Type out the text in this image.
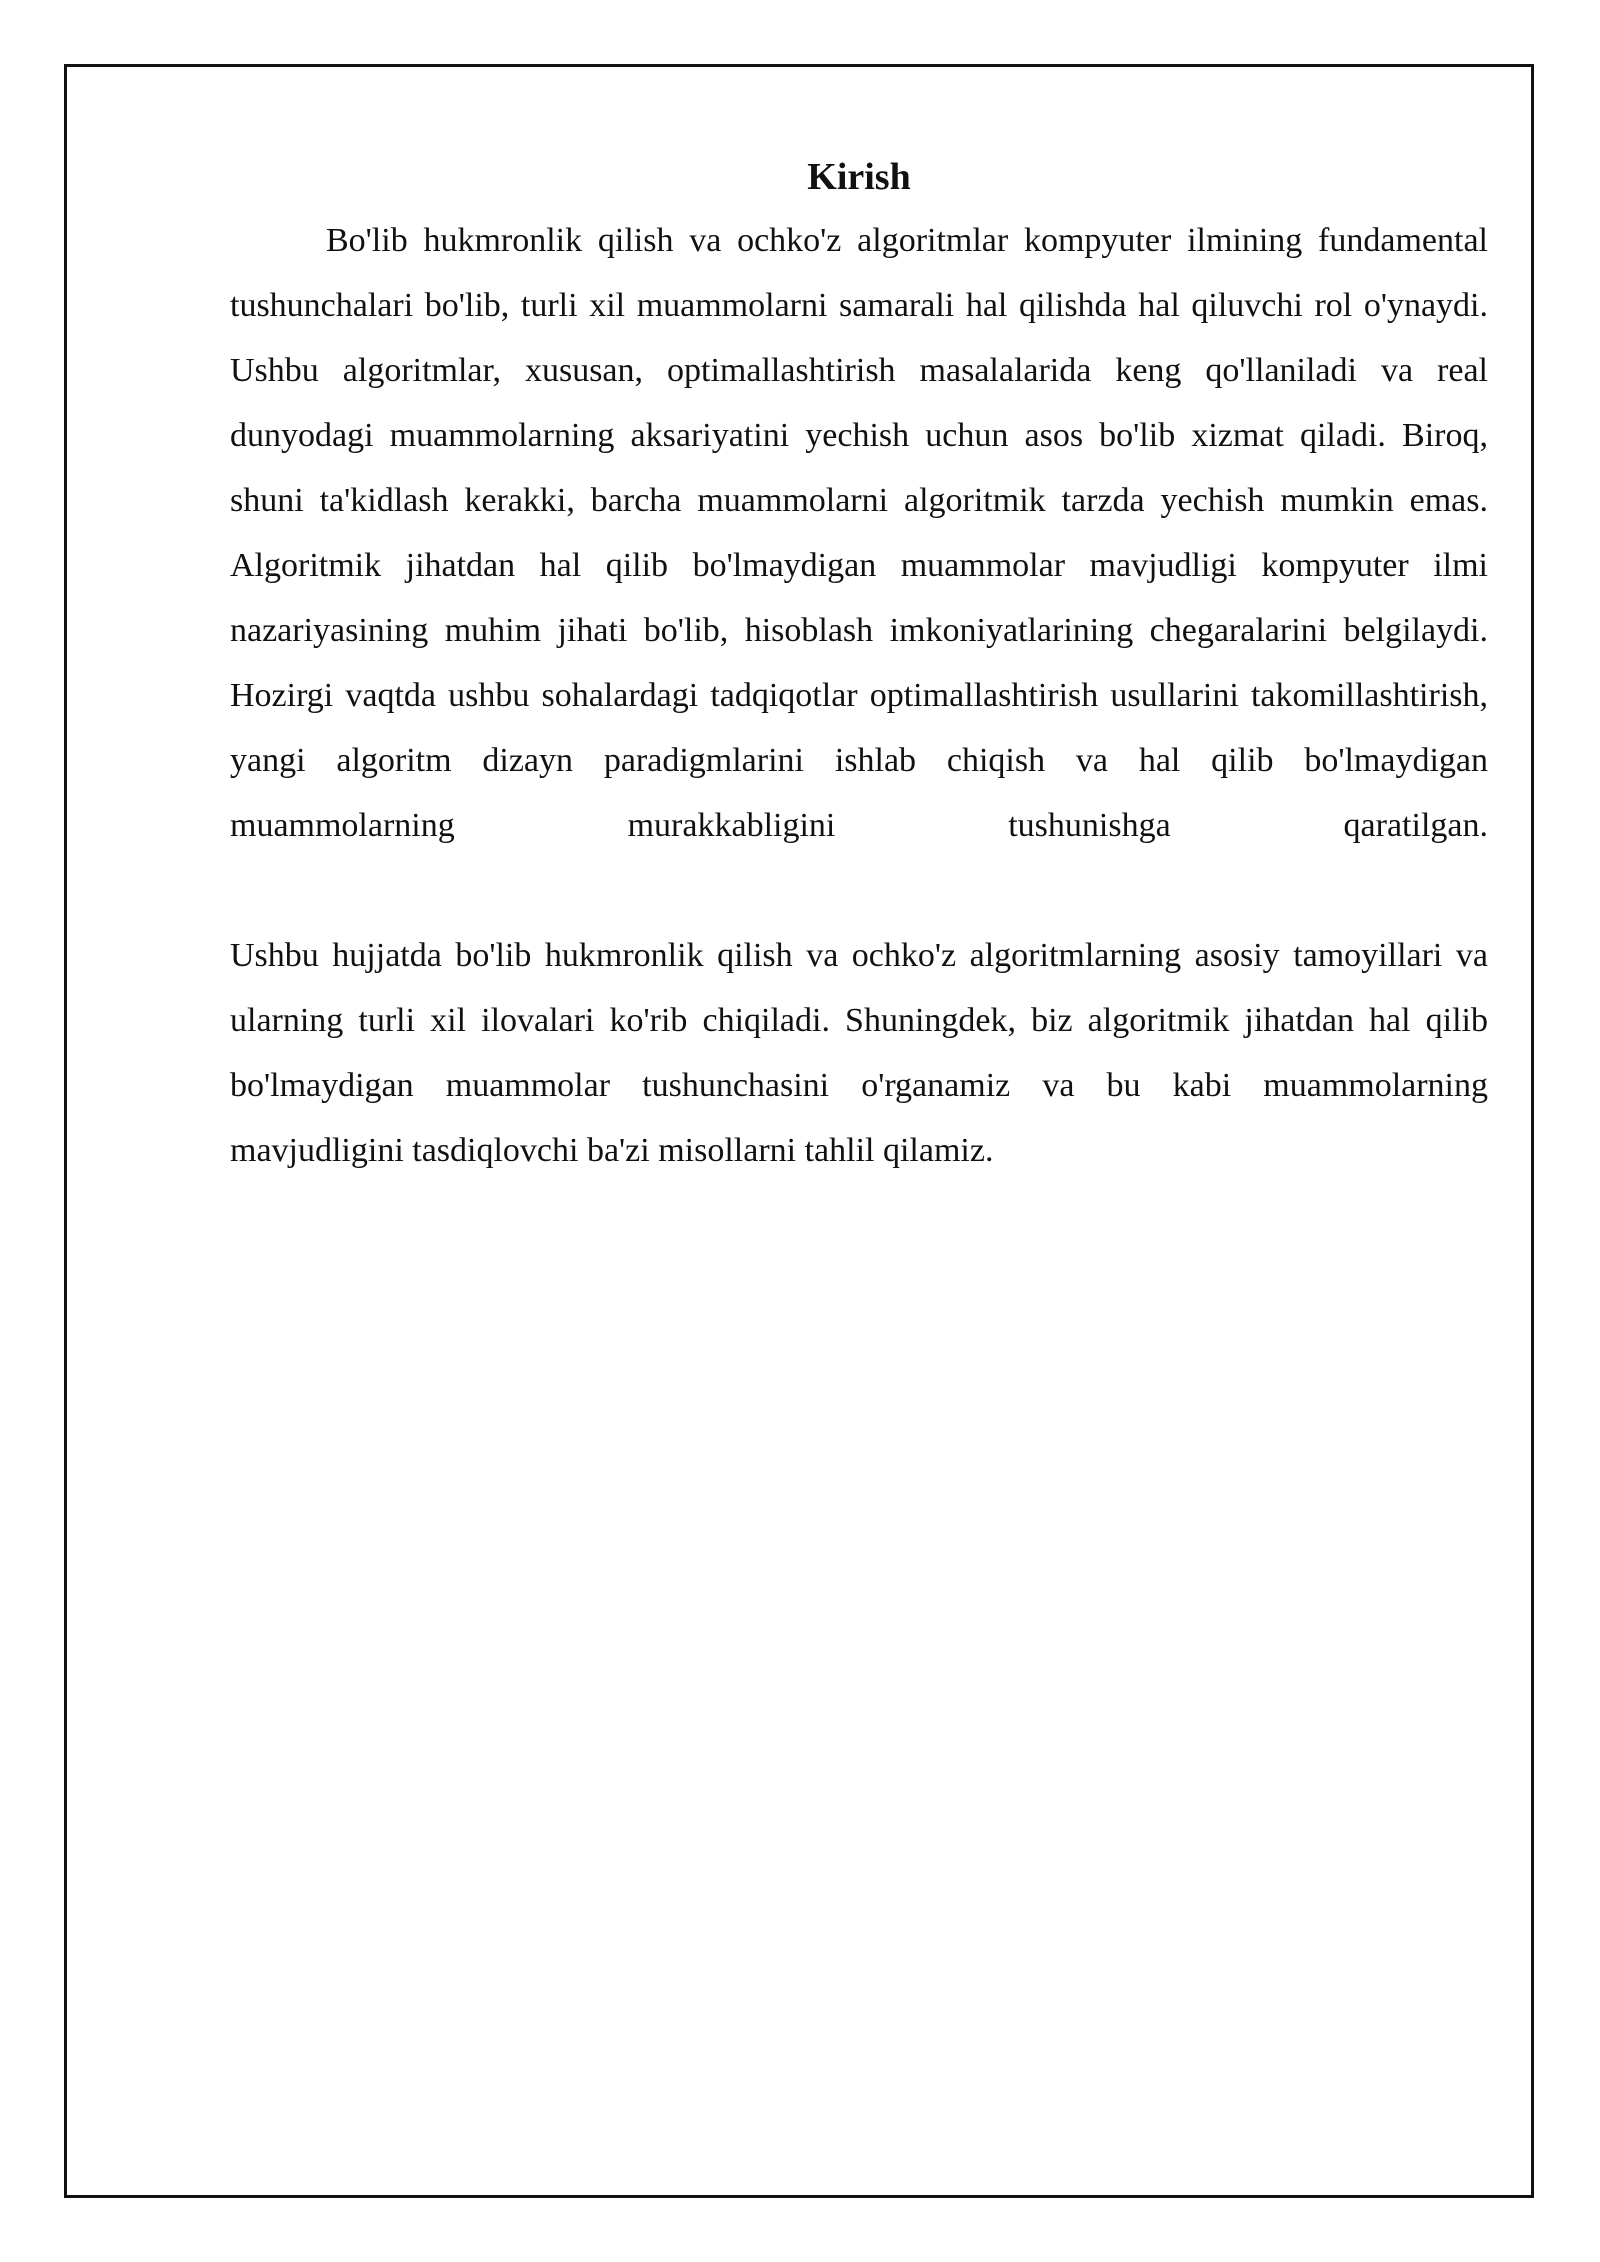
Kirish

Bo'lib hukmronlik qilish va ochko'z algoritmlar kompyuter ilmining fundamental tushunchalari bo'lib, turli xil muammolarni samarali hal qilishda hal qiluvchi rol o'ynaydi. Ushbu algoritmlar, xususan, optimallashtirish masalalarida keng qo'llaniladi va real dunyodagi muammolarning aksariyatini yechish uchun asos bo'lib xizmat qiladi. Biroq, shuni ta'kidlash kerakki, barcha muammolarni algoritmik tarzda yechish mumkin emas. Algoritmik jihatdan hal qilib bo'lmaydigan muammolar mavjudligi kompyuter ilmi nazariyasining muhim jihati bo'lib, hisoblash imkoniyatlarining chegaralarini belgilaydi. Hozirgi vaqtda ushbu sohalardagi tadqiqotlar optimallashtirish usullarini takomillashtirish, yangi algoritm dizayn paradigmlarini ishlab chiqish va hal qilib bo'lmaydigan muammolarning murakkabligini tushunishga qaratilgan.

Ushbu hujjatda bo'lib hukmronlik qilish va ochko'z algoritmlarning asosiy tamoyillari va ularning turli xil ilovalari ko'rib chiqiladi. Shuningdek, biz algoritmik jihatdan hal qilib bo'lmaydigan muammolar tushunchasini o'rganamiz va bu kabi muammolarning mavjudligini tasdiqlovchi ba'zi misollarni tahlil qilamiz.
